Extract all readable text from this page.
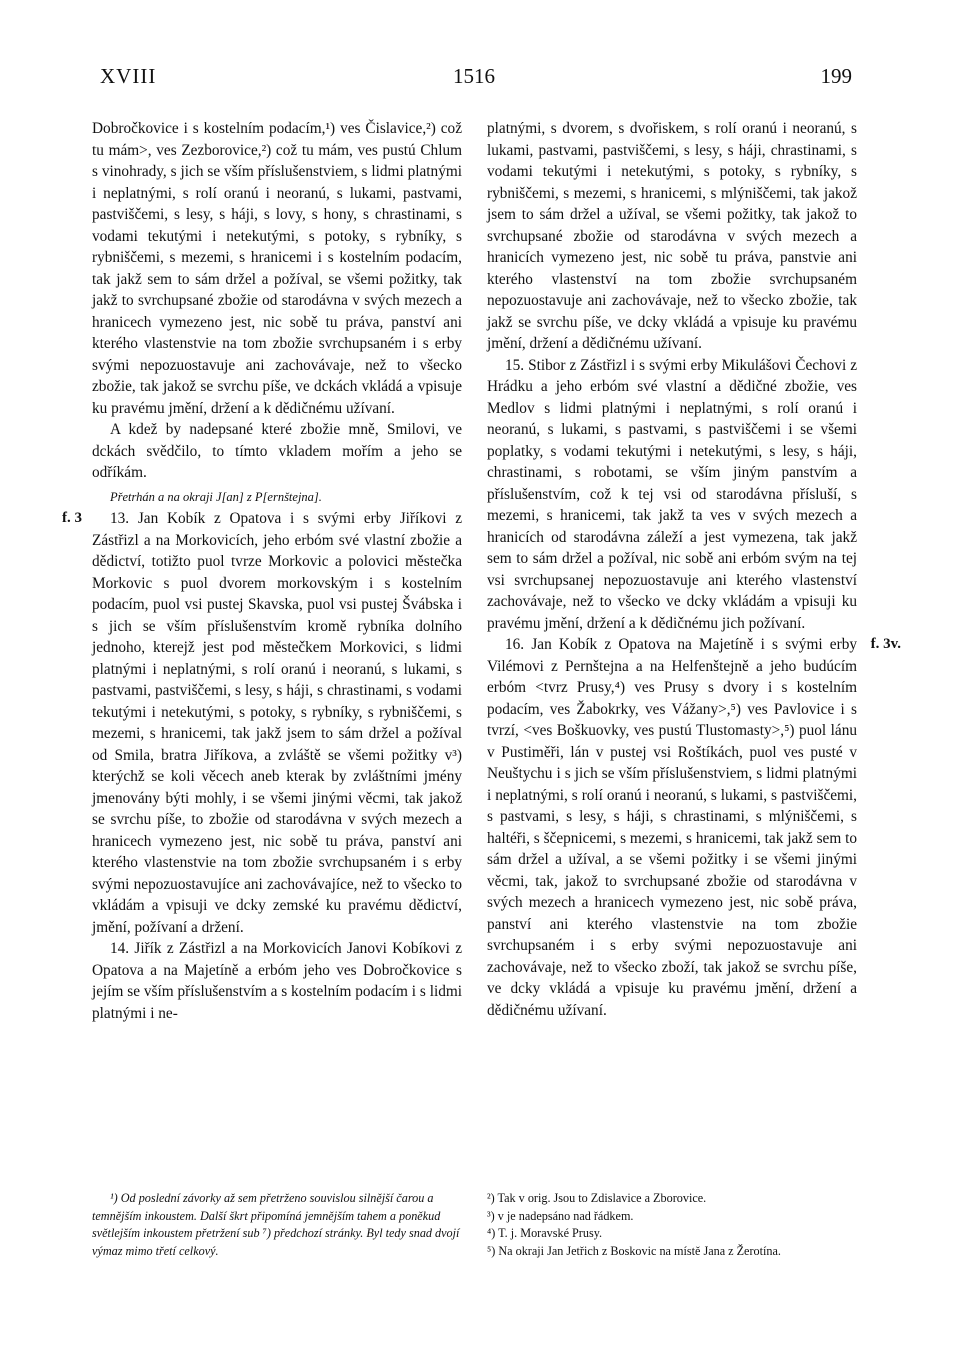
XVIII	1516	199

Dobročkovice i s kostelním podacím,¹) ves Čislavice,²) což tu mám>, ves Zezborovice,²) což tu mám, ves pustú Chlum s vinohrady, s jich se vším příslušenstviem, s lidmi platnými i neplatnými, s rolí oranú i neoranú, s lukami, pastvami, pastviščemi, s lesy, s háji, s lovy, s hony, s chrastinami, s vodami tekutými i netekutými, s potoky, s rybníky, s rybniščemi, s mezemi, s hranicemi i s kostelním podacím, tak jakž sem to sám držel a požíval, se všemi požitky, tak jakž to svrchupsané zbožie od starodávna v svých mezech a hranicech vymezeno jest, nic sobě tu práva, panství ani kterého vlastenstvie na tom zbožie svrchupsaném i s erby svými nepozuostavuje ani zachovávaje, než to všecko zbožie, tak jakož se svrchu píše, ve dckách vkládá a vpisuje ku pravému jmění, držení a k dědičnému užívaní.

A kdež by nadepsané které zbožie mně, Smilovi, ve dckách svědčilo, to tímto vkladem mořím a jeho se odříkám.

Přetrhán a na okraji J[an] z P[ernštejna].

f. 3	13. Jan Kobík z Opatova i s svými erby Jiříkovi z Zástřizl a na Morkovicích, jeho erbóm své vlastní zbožie a dědictví, totižto puol tvrze Morkovic a polovici městečka Morkovic s puol dvorem morkovským i s kostelním podacím, puol vsi pustej Skavska, puol vsi pustej Švábska i s jich se vším příslušenstvím kromě rybníka dolního jednoho, kterejž jest pod městečkem Morkovici, s lidmi platnými i neplatnými, s rolí oranú i neoranú, s lukami, s pastvami, pastviščemi, s lesy, s háji, s chrastinami, s vodami tekutými i netekutými, s potoky, s rybníky, s rybniščemi, s mezemi, s hranicemi, tak jakž jsem to sám držel a požíval od Smila, bratra Jiříkova, a zvláště se všemi požitky v³) kterýchž se koli věcech aneb kterak by zvláštními jmény jmenovány býti mohly, i se všemi jinými věcmi, tak jakož se svrchu píše, to zbožie od starodávna v svých mezech a hranicech vymezeno jest, nic sobě tu práva, panství ani kterého vlastenstvie na tom zbožie svrchupsaném i s erby svými nepozuostavujíce ani zachovávajíce, než to všecko to vkládám a vpisuji ve dcky zemské ku pravému dědictví, jmění, požívaní a držení.

14. Jiřík z Zástřizl a na Morkovicích Janovi Kobíkovi z Opatova a na Majetíně a erbóm jeho ves Dobročkovice s jejím se vším příslušenstvím a s kostelním podacím i s lidmi platnými i ne-

platnými, s dvorem, s dvořiskem, s rolí oranú i neoranú, s lukami, pastvami, pastviščemi, s lesy, s háji, chrastinami, s vodami tekutými i netekutými, s potoky, s rybníky, s rybniščemi, s mezemi, s hranicemi, s mlýniščemi, tak jakož jsem to sám držel a užíval, se všemi požitky, tak jakož to svrchupsané zbožie od starodávna v svých mezech a hranicích vymezeno jest, nic sobě tu práva, panstvie ani kterého vlastenství na tom zbožie svrchupsaném nepozuostavuje ani zachovávaje, než to všecko zbožie, tak jakž se svrchu píše, ve dcky vkládá a vpisuje ku pravému jmění, držení a dědičnému užívaní.

15. Stibor z Zástřizl i s svými erby Mikulášovi Čechovi z Hrádku a jeho erbóm své vlastní a dědičné zbožie, ves Medlov s lidmi platnými i neplatnými, s rolí oranú i neoranú, s lukami, s pastvami, s pastviščemi i se všemi poplatky, s vodami tekutými i netekutými, s lesy, s háji, chrastinami, s robotami, se vším jiným panstvím a příslušenstvím, což k tej vsi od starodávna přísluší, s mezemi, s hranicemi, tak jakž ta ves v svých mezech a hranicích od starodávna záleží a jest vymezena, tak jakž sem to sám držel a požíval, nic sobě ani erbóm svým na tej vsi svrchupsanej nepozuostavuje ani kterého vlastenství zachovávaje, než to všecko ve dcky vkládám a vpisuji ku pravému jmění, držení a k dědičnému jich požívaní.

f. 3v.

16. Jan Kobík z Opatova na Majetíně i s svými erby Vilémovi z Pernštejna a na Helfenštejně a jeho budúcím erbóm <tvrz Prusy,⁴) ves Prusy s dvory i s kostelním podacím, ves Žabokrky, ves Vážany>,⁵) ves Pavlovice i s tvrzí, <ves Boškuovky, ves pustú Tlustomasty>,⁵) puol lánu v Pustiměři, lán v pustej vsi Roštíkách, puol ves pusté v Neuštychu i s jich se vším příslušenstviem, s lidmi platnými i neplatnými, s rolí oranú i neoranú, s lukami, s pastviščemi, s pastvami, s lesy, s háji, s chrastinami, s mlýniščemi, s haltéři, s ščepnicemi, s mezemi, s hranicemi, tak jakž sem to sám držel a užíval, a se všemi požitky i se všemi jinými věcmi, tak, jakož to svrchupsané zbožie od starodávna v svých mezech a hranicech vymezeno jest, nic sobě práva, panství ani kterého vlastenstvie na tom zbožie svrchupsaném i s erby svými nepozuostavuje ani zachovávaje, než to všecko zboží, tak jakož se svrchu píše, ve dcky vkládá a vpisuje ku pravému jmění, držení a dědičnému užívaní.

¹) Od poslední závorky až sem přetrženo souvislou silnější čarou a temnějším inkoustem. Další škrt připomíná jemnějším tahem a poněkud světlejším inkoustem přetržení sub ⁷) předchozí stránky. Byl tedy snad dvojí výmaz mimo třetí celkový.

²) Tak v orig. Jsou to Zdislavice a Zborovice.

³) v je nadepsáno nad řádkem.

⁴) T. j. Moravské Prusy.

⁵) Na okraji Jan Jetřich z Boskovic na místě Jana z Žerotína.
